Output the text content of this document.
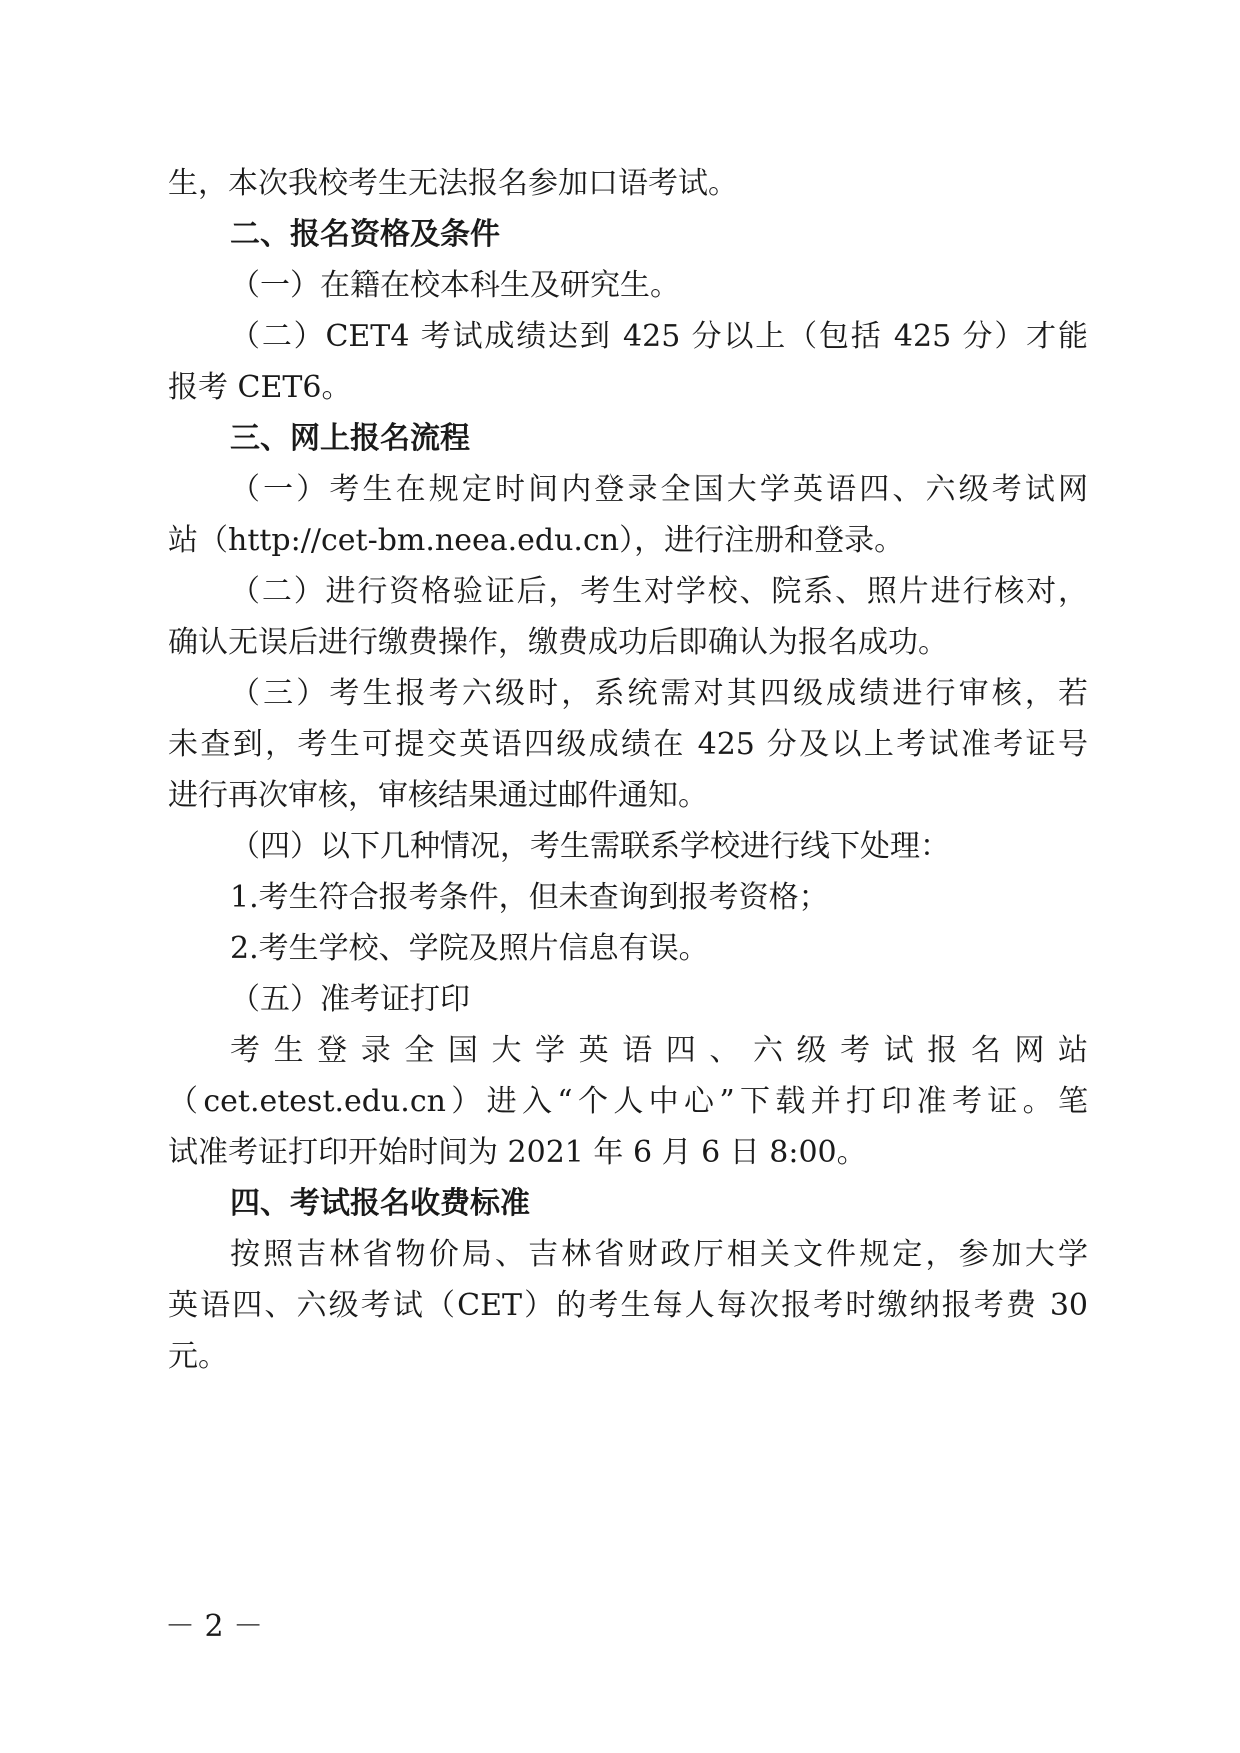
生，本次我校考生无法报名参加口语考试。
二、报名资格及条件
（一）在籍在校本科生及研究生。
（二）CET4 考试成绩达到 425 分以上（包括 425 分）才能
报考 CET6。
三、网上报名流程
（一）考生在规定时间内登录全国大学英语四、六级考试网
站（http://cet-bm.neea.edu.cn），进行注册和登录。
（二）进行资格验证后，考生对学校、院系、照片进行核对，
确认无误后进行缴费操作，缴费成功后即确认为报名成功。
（三）考生报考六级时，系统需对其四级成绩进行审核，若
未查到，考生可提交英语四级成绩在 425 分及以上考试准考证号
进行再次审核，审核结果通过邮件通知。
（四）以下几种情况，考生需联系学校进行线下处理：
1.考生符合报考条件，但未查询到报考资格；
2.考生学校、学院及照片信息有误。
（五）准考证打印
考生登录全国大学英语四、六级考试报名网站
（cet.etest.edu.cn）进入“个人中心”下载并打印准考证。笔
试准考证打印开始时间为 2021 年 6 月 6 日 8:00。
四、考试报名收费标准
按照吉林省物价局、吉林省财政厅相关文件规定，参加大学
英语四、六级考试（CET）的考生每人每次报考时缴纳报考费 30
元。
－ 2 －
